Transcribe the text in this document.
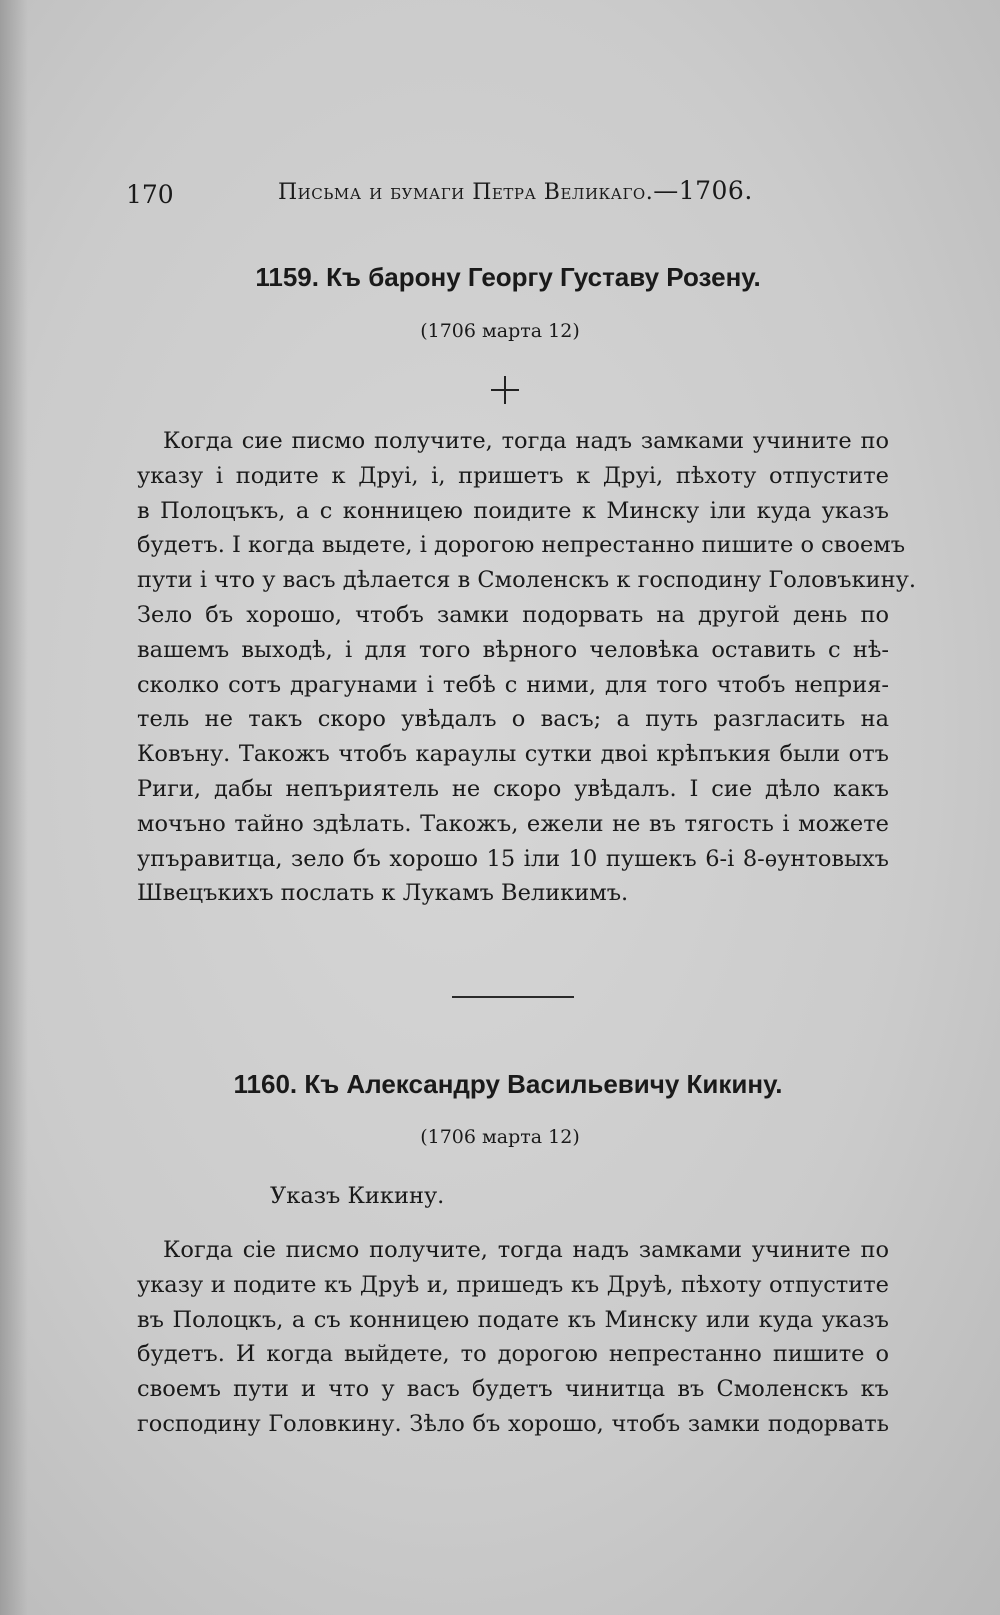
170	Письма и бумаги Петра Великаго.—1706.
1159. Къ барону Георгу Густаву Розену.
(1706 марта 12)
Когда сие писмо получите, тогда надъ замками учините по
указу і подите к Друі, і, пришетъ к Друі, пѣхоту отпустите
в Полоцъкъ, а с конницею поидите к Минску іли куда указъ
будетъ. І когда выдете, і дорогою непрестанно пишите о своемъ
пути і что у васъ дѣлается в Смоленскъ к господину Головъкину.
Зело бъ хорошо, чтобъ замки подорвать на другой день по
вашемъ выходѣ, і для того вѣрного человѣка оставить с нѣ-
сколко сотъ драгунами і тебѣ с ними, для того чтобъ неприя-
тель не такъ скоро увѣдалъ о васъ; а путь разгласить на
Ковъну. Такожъ чтобъ караулы сутки двоі крѣпъкия были отъ
Риги, дабы непъриятель не скоро увѣдалъ. І сие дѣло какъ
мочъно тайно здѣлать. Такожъ, ежели не въ тягость і можете
упъравитца, зело бъ хорошо 15 іли 10 пушекъ 6-і 8-ѳунтовыхъ
Швецъкихъ послать к Лукамъ Великимъ.
1160. Къ Александру Васильевичу Кикину.
(1706 марта 12)
Указъ Кикину.
Когда сіе писмо получите, тогда надъ замками учините по
указу и подите къ Друѣ и, пришедъ къ Друѣ, пѣхоту отпустите
въ Полоцкъ, а съ конницею подате къ Минску или куда указъ
будетъ. И когда выйдете, то дорогою непрестанно пишите о
своемъ пути и что у васъ будетъ чинитца въ Смоленскъ къ
господину Головкину. Зѣло бъ хорошо, чтобъ замки подорвать
